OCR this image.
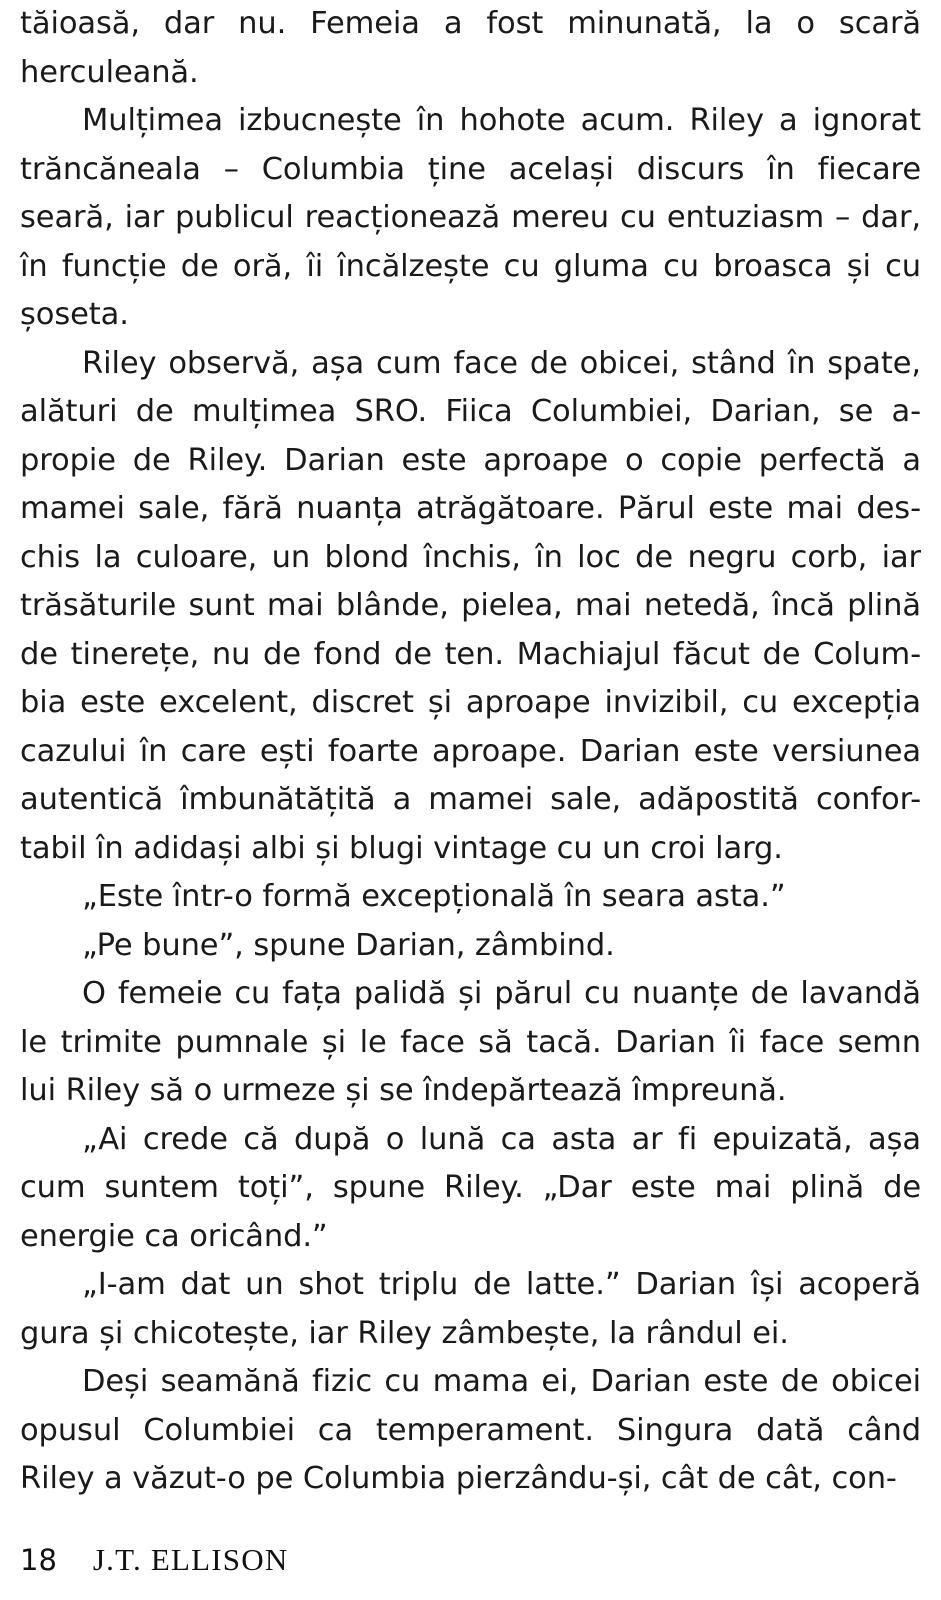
tăioasă, dar nu. Femeia a fost minunată, la o scară herculeană.

Mulțimea izbucnește în hohote acum. Riley a ignorat trăncăneala – Columbia ține același discurs în fiecare seară, iar publicul reacționează mereu cu entuziasm – dar, în funcție de oră, îi încălzește cu gluma cu broasca și cu șoseta.

Riley observă, așa cum face de obicei, stând în spate, alături de mulțimea SRO. Fiica Columbiei, Darian, se a-propie de Riley. Darian este aproape o copie perfectă a mamei sale, fără nuanța atrăgătoare. Părul este mai des-chis la culoare, un blond închis, în loc de negru corb, iar trăsăturile sunt mai blânde, pielea, mai netedă, încă plină de tinerețe, nu de fond de ten. Machiajul făcut de Colum-bia este excelent, discret și aproape invizibil, cu excepția cazului în care ești foarte aproape. Darian este versiunea autentică îmbunătățită a mamei sale, adăpostită confor-tabil în adidași albi și blugi vintage cu un croi larg.

„Este într-o formă excepțională în seara asta.”

„Pe bune”, spune Darian, zâmbind.

O femeie cu fața palidă și părul cu nuanțe de lavandă le trimite pumnale și le face să tacă. Darian îi face semn lui Riley să o urmeze și se îndepărtează împreună.

„Ai crede că după o lună ca asta ar fi epuizată, așa cum suntem toți”, spune Riley. „Dar este mai plină de energie ca oricând.”

„I-am dat un shot triplu de latte.” Darian își acoperă gura și chicotește, iar Riley zâmbește, la rândul ei.

Deși seamănă fizic cu mama ei, Darian este de obicei opusul Columbiei ca temperament. Singura dată când Riley a văzut-o pe Columbia pierzându-și, cât de cât, con-

18 J.T. ELLISON
